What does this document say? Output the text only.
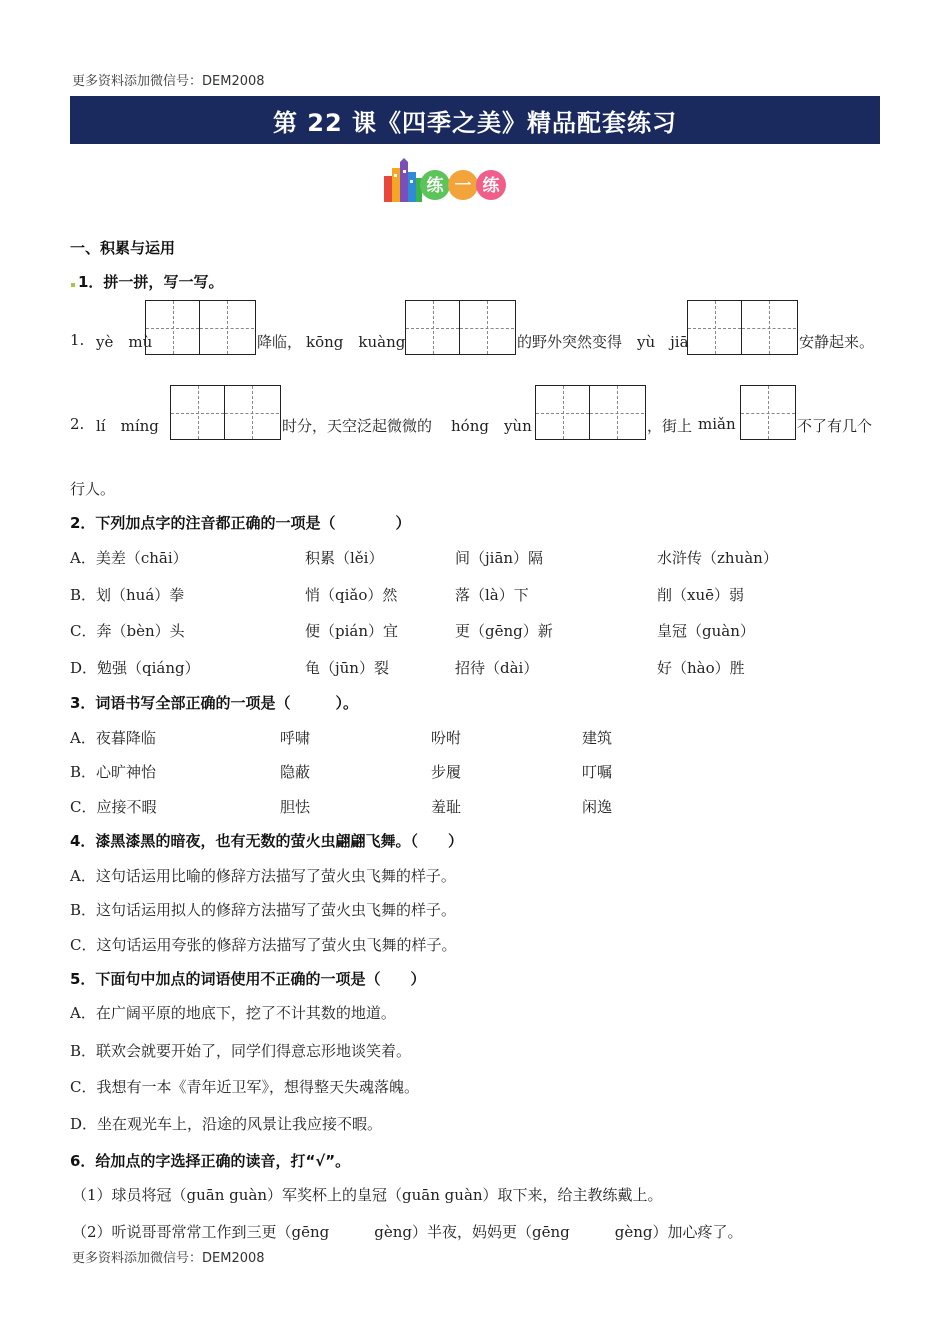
更多资料添加微信号：DEM2008
第 22 课《四季之美》精品配套练习
练 一 练
一、积累与运用
1．拼一拼，写一写。
1. yè　mù	降临， kōng　kuàng	的野外突然变得 yù　jiā	安静起来。
2. lí　míng	时分，天空泛起微微的 hóng　yùn	，街上 miǎn	不了有几个
行人。
2．下列加点字的注音都正确的一项是（　　　　）
A．美差（chāi）	积累（lěi）	间（jiān）隔	水浒传（zhuàn）
B．划（huá）拳	悄（qiǎo）然	落（là）下	削（xuē）弱
C．奔（bèn）头	便（pián）宜	更（gēng）新	皇冠（guàn）
D．勉强（qiáng）	龟（jūn）裂	招待（dài）	好（hào）胜
3．词语书写全部正确的一项是（　　　）。
A．夜暮降临	呼啸	吩咐	建筑
B．心旷神怡	隐蔽	步履	叮嘱
C．应接不暇	胆怯	羞耻	闲逸
4．漆黑漆黑的暗夜，也有无数的萤火虫翩翩飞舞。（　　）
A．这句话运用比喻的修辞方法描写了萤火虫飞舞的样子。
B．这句话运用拟人的修辞方法描写了萤火虫飞舞的样子。
C．这句话运用夸张的修辞方法描写了萤火虫飞舞的样子。
5．下面句中加点的词语使用不正确的一项是（　　）
A．在广阔平原的地底下，挖了不计其数的地道。
B．联欢会就要开始了，同学们得意忘形地谈笑着。
C．我想有一本《青年近卫军》，想得整天失魂落魄。
D．坐在观光车上，沿途的风景让我应接不暇。
6．给加点的字选择正确的读音，打“√”。
（1）球员将冠（guān guàn）军奖杯上的皇冠（guān guàn）取下来，给主教练戴上。
（2）听说哥哥常常工作到三更（gēng　　　gèng）半夜，妈妈更（gēng　　　gèng）加心疼了。
更多资料添加微信号：DEM2008
